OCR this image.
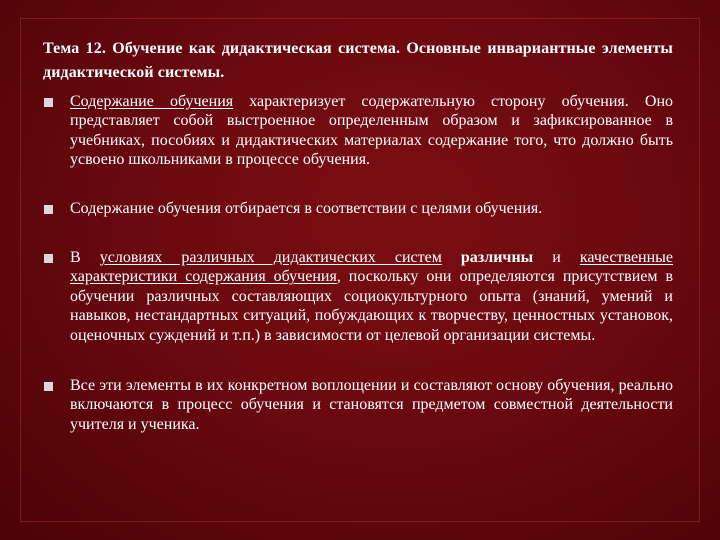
Тема 12. Обучение как дидактическая система. Основные инвариантные элементы дидактической системы.
Содержание обучения характеризует содержательную сторону обучения. Оно представляет собой выстроенное определенным образом и зафиксированное в учебниках, пособиях и дидактических материалах содержание того, что должно быть усвоено школьниками в процессе обучения.
Содержание обучения отбирается в соответствии с целями обучения.
В условиях различных дидактических систем различны и качественные характеристики содержания обучения, поскольку они определяются присутствием в обучении различных составляющих социокультурного опыта (знаний, умений и навыков, нестандартных ситуаций, побуждающих к творчеству, ценностных установок, оценочных суждений и т.п.) в зависимости от целевой организации системы.
Все эти элементы в их конкретном воплощении и составляют основу обучения, реально включаются в процесс обучения и становятся предметом совместной деятельности учителя и ученика.
